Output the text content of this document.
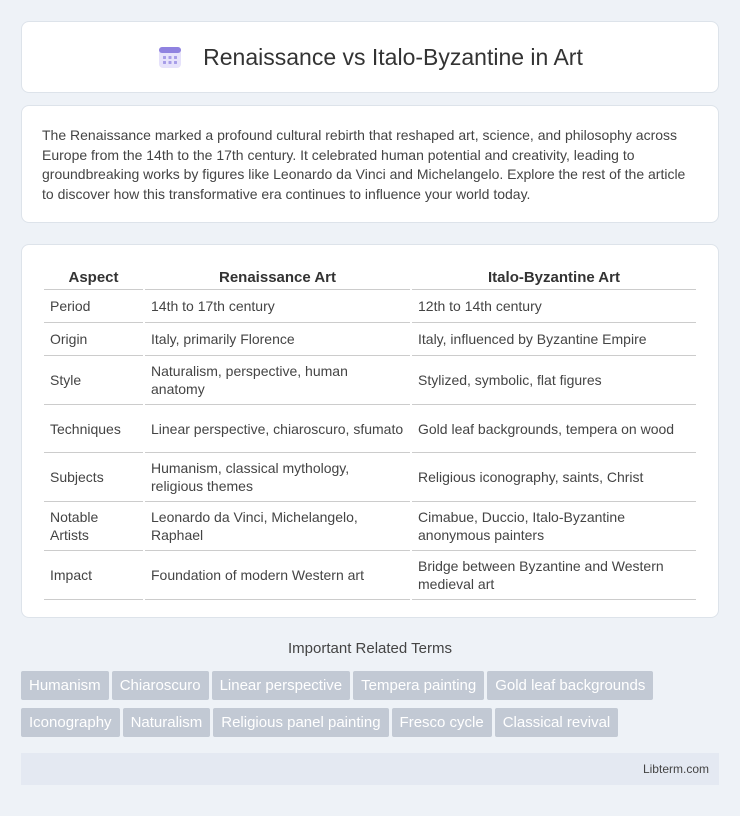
Renaissance vs Italo-Byzantine in Art

The Renaissance marked a profound cultural rebirth that reshaped art, science, and philosophy across Europe from the 14th to the 17th century. It celebrated human potential and creativity, leading to groundbreaking works by figures like Leonardo da Vinci and Michelangelo. Explore the rest of the article to discover how this transformative era continues to influence your world today.

Aspect	Renaissance Art	Italo-Byzantine Art
Period	14th to 17th century	12th to 14th century
Origin	Italy, primarily Florence	Italy, influenced by Byzantine Empire
Style	Naturalism, perspective, human anatomy	Stylized, symbolic, flat figures
Techniques	Linear perspective, chiaroscuro, sfumato	Gold leaf backgrounds, tempera on wood
Subjects	Humanism, classical mythology, religious themes	Religious iconography, saints, Christ
Notable Artists	Leonardo da Vinci, Michelangelo, Raphael	Cimabue, Duccio, Italo-Byzantine anonymous painters
Impact	Foundation of modern Western art	Bridge between Byzantine and Western medieval art
Important Related Terms
Humanism Chiaroscuro Linear perspective Tempera painting Gold leaf backgrounds
Iconography Naturalism Religious panel painting Fresco cycle Classical revival
Libterm.com
